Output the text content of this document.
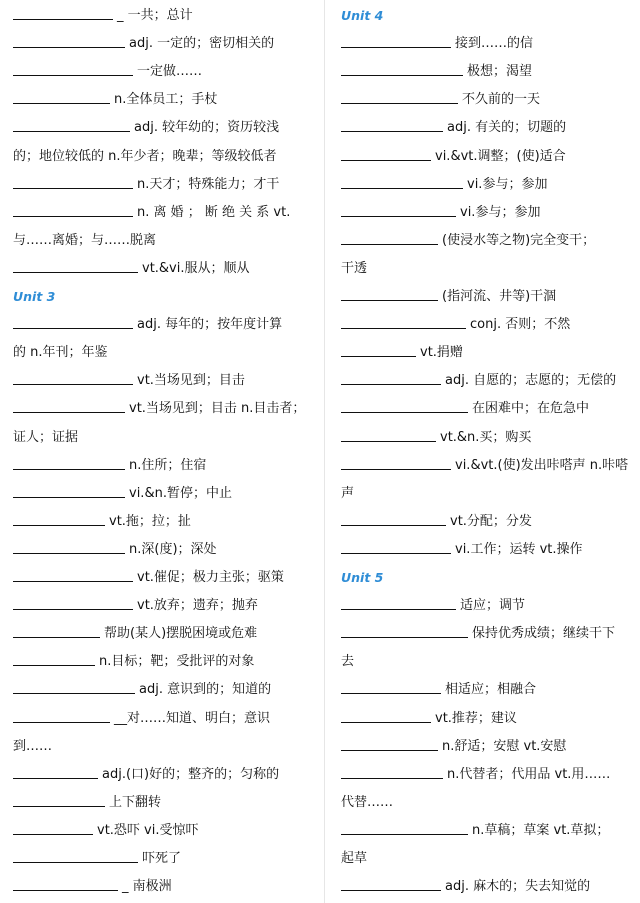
_ 一共；总计
adj. 一定的；密切相关的
一定做……
n.全体员工；手杖
adj. 较年幼的；资历较浅
的；地位较低的 n.年少者；晚辈；等级较低者
n.天才；特殊能力；才干
n. 离 婚 ； 断 绝 关 系 vt.
与……离婚；与……脱离
vt.&vi.服从；顺从
Unit 3
adj. 每年的；按年度计算
的 n.年刊；年鉴
vt.当场见到；目击
vt.当场见到；目击 n.目击者；
证人；证据
n.住所；住宿
vi.&n.暂停；中止
vt.拖；拉；扯
n.深(度)；深处
vt.催促；极力主张；驱策
vt.放弃；遗弃；抛弃
帮助(某人)摆脱困境或危难
n.目标；靶；受批评的对象
adj. 意识到的；知道的
__对……知道、明白；意识
到……
adj.(口)好的；整齐的；匀称的
上下翻转
vt.恐吓 vi.受惊吓
吓死了
_ 南极洲
Unit 4
接到……的信
极想；渴望
不久前的一天
adj. 有关的；切题的
vi.&vt.调整；(使)适合
vi.参与；参加
vi.参与；参加
(使浸水等之物)完全变干；
干透
(指河流、井等)干涸
conj. 否则；不然
vt.捐赠
adj. 自愿的；志愿的；无偿的
在困难中；在危急中
vt.&n.买；购买
vi.&vt.(使)发出咔嗒声 n.咔嗒
声
vt.分配；分发
vi.工作；运转 vt.操作
Unit 5
适应；调节
保持优秀成绩；继续干下
去
相适应；相融合
vt.推荐；建议
n.舒适；安慰 vt.安慰
n.代替者；代用品 vt.用……
代替……
n.草稿；草案 vt.草拟；
起草
adj. 麻木的；失去知觉的
